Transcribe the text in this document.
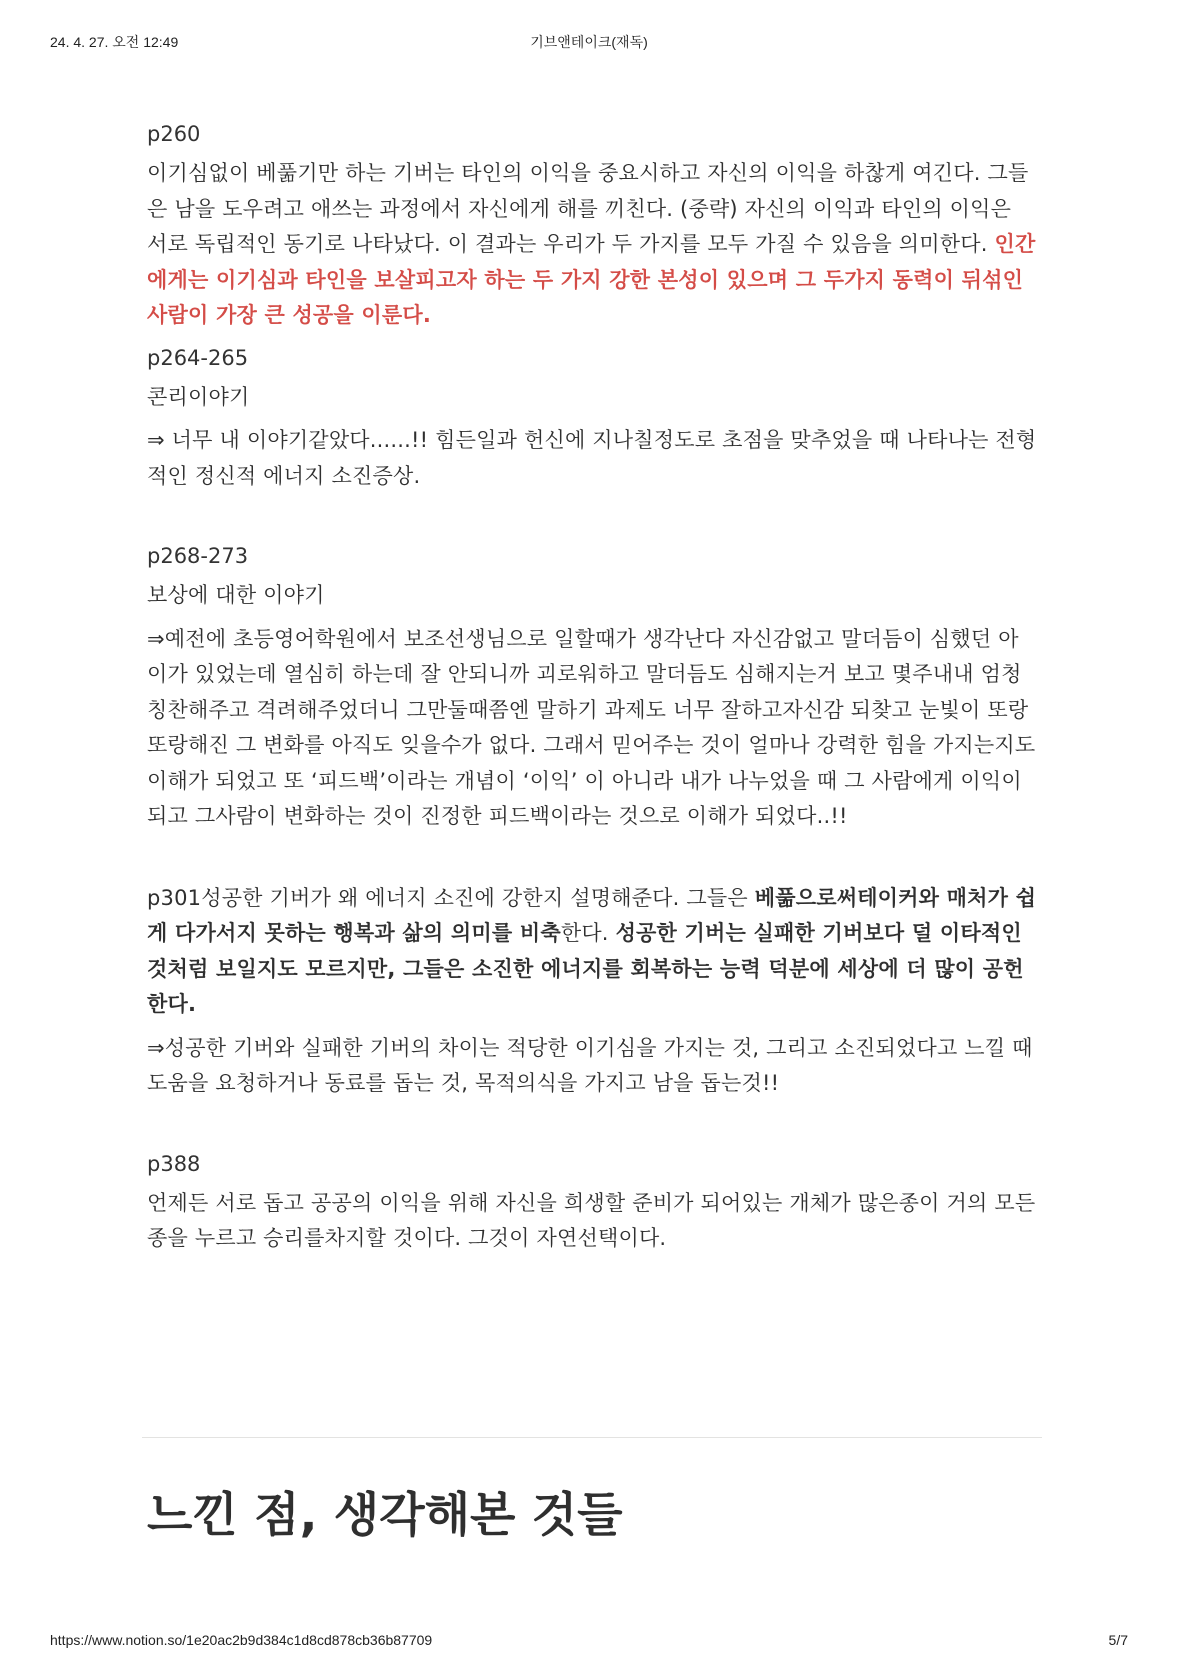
24. 4. 27. 오전 12:49	기브앤테이크(재독)
p260

이기심없이 베풂기만 하는 기버는 타인의 이익을 중요시하고 자신의 이익을 하찮게 여긴다. 그들은 남을 도우려고 애쓰는 과정에서 자신에게 해를 끼친다. (중략) 자신의 이익과 타인의 이익은 서로 독립적인 동기로 나타났다. 이 결과는 우리가 두 가지를 모두 가질 수 있음을 의미한다. 인간에게는 이기심과 타인을 보살피고자 하는 두 가지 강한 본성이 있으며 그 두가지 동력이 뒤섞인 사람이 가장 큰 성공을 이룬다.

p264-265

콘리이야기

⇒ 너무 내 이야기같았다......!! 힘든일과 헌신에 지나칠정도로 초점을 맞추었을 때 나타나는 전형적인 정신적 에너지 소진증상.

p268-273

보상에 대한 이야기

⇒예전에 초등영어학원에서 보조선생님으로 일할때가 생각난다 자신감없고 말더듬이 심했던 아이가 있었는데 열심히 하는데 잘 안되니까 괴로워하고 말더듬도 심해지는거 보고 몇주내내 엄청 칭찬해주고 격려해주었더니 그만둘때쯤엔 말하기 과제도 너무 잘하고자신감 되찾고 눈빛이 또랑또랑해진 그 변화를 아직도 잊을수가 없다. 그래서 믿어주는 것이 얼마나 강력한 힘을 가지는지도 이해가 되었고 또 ‘피드백’이라는 개념이 ‘이익’ 이 아니라 내가 나누었을 때 그 사람에게 이익이 되고 그사람이 변화하는 것이 진정한 피드백이라는 것으로 이해가 되었다..!!

p301성공한 기버가 왜 에너지 소진에 강한지 설명해준다. 그들은 베풂으로써테이커와 매처가 쉽게 다가서지 못하는 행복과 삶의 의미를 비축한다. 성공한 기버는 실패한 기버보다 덜 이타적인 것처럼 보일지도 모르지만, 그들은 소진한 에너지를 회복하는 능력 덕분에 세상에 더 많이 공헌한다.

⇒성공한 기버와 실패한 기버의 차이는 적당한 이기심을 가지는 것, 그리고 소진되었다고 느낄 때 도움을 요청하거나 동료를 돕는 것, 목적의식을 가지고 남을 돕는것!!

p388

언제든 서로 돕고 공공의 이익을 위해 자신을 희생할 준비가 되어있는 개체가 많은종이 거의 모든 종을 누르고 승리를차지할 것이다. 그것이 자연선택이다.

느낀 점, 생각해본 것들
https://www.notion.so/1e20ac2b9d384c1d8cd878cb36b87709	5/7
